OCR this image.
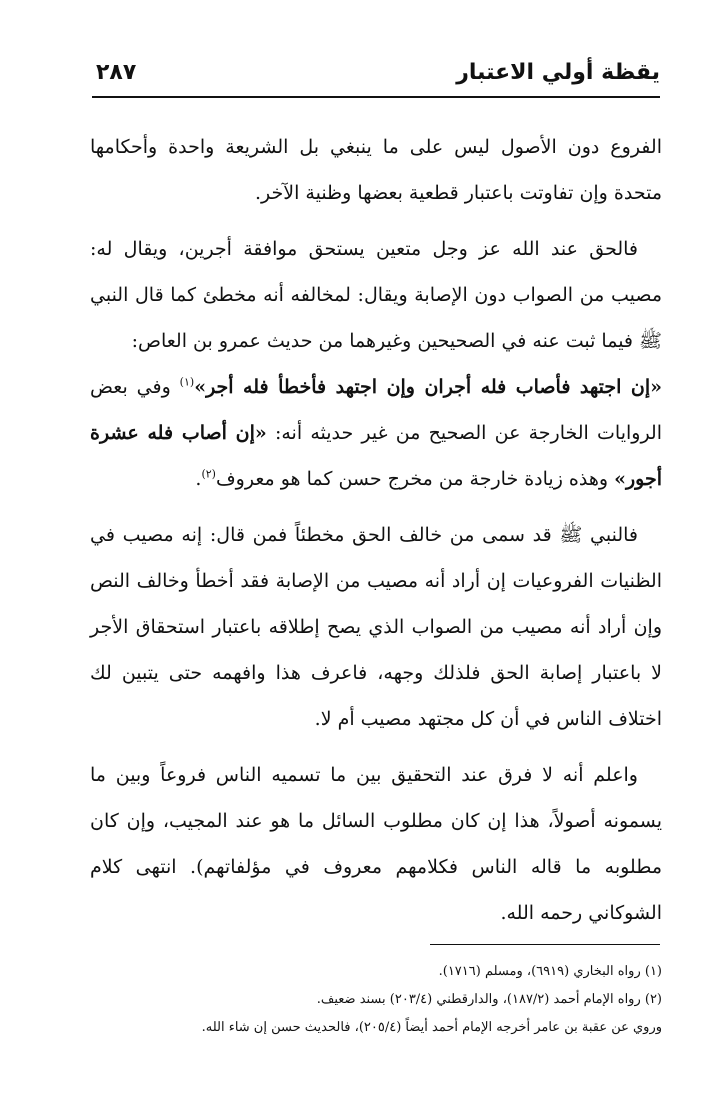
يقظة أولي الاعتبار
٢٨٧

الفروع دون الأصول ليس على ما ينبغي بل الشريعة واحدة وأحكامها متحدة وإن تفاوتت باعتبار قطعية بعضها وظنية الآخر.

فالحق عند الله عز وجل متعين يستحق موافقة أجرين، ويقال له: مصيب من الصواب دون الإصابة ويقال: لمخالفه أنه مخطئ كما قال النبي ﷺ فيما ثبت عنه في الصحيحين وغيرهما من حديث عمرو بن العاص:
«إن اجتهد فأصاب فله أجران وإن اجتهد فأخطأ فله أجر»$^{(١)}$ وفي بعض الروايات الخارجة عن الصحيح من غير حديثه أنه: «إن أصاب فله عشرة أجور» وهذه زيادة خارجة من مخرج حسن كما هو معروف$^{(٢)}$.

فالنبي ﷺ قد سمى من خالف الحق مخطئاً فمن قال: إنه مصيب في الظنيات الفروعيات إن أراد أنه مصيب من الإصابة فقد أخطأ وخالف النص وإن أراد أنه مصيب من الصواب الذي يصح إطلاقه باعتبار استحقاق الأجر لا باعتبار إصابة الحق فلذلك وجهه، فاعرف هذا وافهمه حتى يتبين لك اختلاف الناس في أن كل مجتهد مصيب أم لا.

واعلم أنه لا فرق عند التحقيق بين ما تسميه الناس فروعاً وبين ما يسمونه أصولاً، هذا إن كان مطلوب السائل ما هو عند المجيب، وإن كان مطلوبه ما قاله الناس فكلامهم معروف في مؤلفاتهم). انتهى كلام الشوكاني رحمه الله.

(١) رواه البخاري (٦٩١٩)، ومسلم (١٧١٦).

(٢) رواه الإمام أحمد (١٨٧/٢)، والدارقطني (٢٠٣/٤) بسند ضعيف.

وروي عن عقبة بن عامر أخرجه الإمام أحمد أيضاً (٢٠٥/٤)، فالحديث حسن إن شاء الله.
